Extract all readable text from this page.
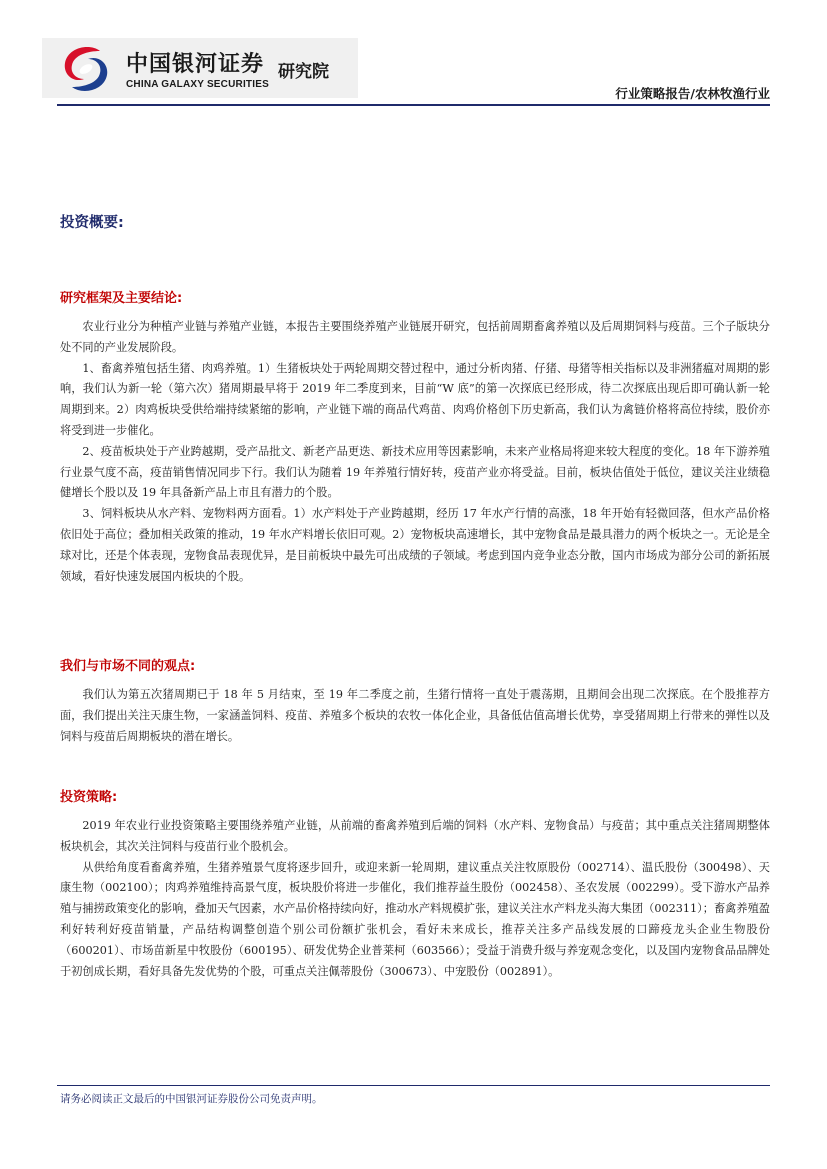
中国银河证券
CHINA GALAXY SECURITIES
研究院
行业策略报告/农林牧渔行业
投资概要:
研究框架及主要结论:

农业行业分为种植产业链与养殖产业链，本报告主要围绕养殖产业链展开研究，包括前周期畜禽养殖以及后周期饲料与疫苗。三个子版块分处不同的产业发展阶段。

1、畜禽养殖包括生猪、肉鸡养殖。1）生猪板块处于两轮周期交替过程中，通过分析肉猪、仔猪、母猪等相关指标以及非洲猪瘟对周期的影响，我们认为新一轮（第六次）猪周期最早将于 2019 年二季度到来，目前“W 底”的第一次探底已经形成，待二次探底出现后即可确认新一轮周期到来。2）肉鸡板块受供给端持续紧缩的影响，产业链下端的商品代鸡苗、肉鸡价格创下历史新高，我们认为禽链价格将高位持续，股价亦将受到进一步催化。

2、疫苗板块处于产业跨越期，受产品批文、新老产品更迭、新技术应用等因素影响，未来产业格局将迎来较大程度的变化。18 年下游养殖行业景气度不高，疫苗销售情况同步下行。我们认为随着 19 年养殖行情好转，疫苗产业亦将受益。目前，板块估值处于低位，建议关注业绩稳健增长个股以及 19 年具备新产品上市且有潜力的个股。

3、饲料板块从水产料、宠物料两方面看。1）水产料处于产业跨越期，经历 17 年水产行情的高涨，18 年开始有轻微回落，但水产品价格依旧处于高位；叠加相关政策的推动，19 年水产料增长依旧可观。2）宠物板块高速增长，其中宠物食品是最具潜力的两个板块之一。无论是全球对比，还是个体表现，宠物食品表现优异，是目前板块中最先可出成绩的子领域。考虑到国内竞争业态分散，国内市场成为部分公司的新拓展领域，看好快速发展国内板块的个股。

我们与市场不同的观点:

我们认为第五次猪周期已于 18 年 5 月结束，至 19 年二季度之前，生猪行情将一直处于震荡期，且期间会出现二次探底。在个股推荐方面，我们提出关注天康生物，一家涵盖饲料、疫苗、养殖多个板块的农牧一体化企业，具备低估值高增长优势，享受猪周期上行带来的弹性以及饲料与疫苗后周期板块的潜在增长。

投资策略:

2019 年农业行业投资策略主要围绕养殖产业链，从前端的畜禽养殖到后端的饲料（水产料、宠物食品）与疫苗；其中重点关注猪周期整体板块机会，其次关注饲料与疫苗行业个股机会。

从供给角度看畜禽养殖，生猪养殖景气度将逐步回升，或迎来新一轮周期，建议重点关注牧原股份（002714）、温氏股份（300498）、天康生物（002100）；肉鸡养殖维持高景气度，板块股价将进一步催化，我们推荐益生股份（002458）、圣农发展（002299）。受下游水产品养殖与捕捞政策变化的影响，叠加天气因素，水产品价格持续向好，推动水产料规模扩张，建议关注水产料龙头海大集团（002311）；畜禽养殖盈利好转利好疫苗销量，产品结构调整创造个别公司份额扩张机会，看好未来成长，推荐关注多产品线发展的口蹄疫龙头企业生物股份（600201）、市场苗新星中牧股份（600195）、研发优势企业普莱柯（603566）；受益于消费升级与养宠观念变化，以及国内宠物食品品牌处于初创成长期，看好具备先发优势的个股，可重点关注佩蒂股份（300673）、中宠股份（002891）。

请务必阅读正文最后的中国银河证券股份公司免责声明。
